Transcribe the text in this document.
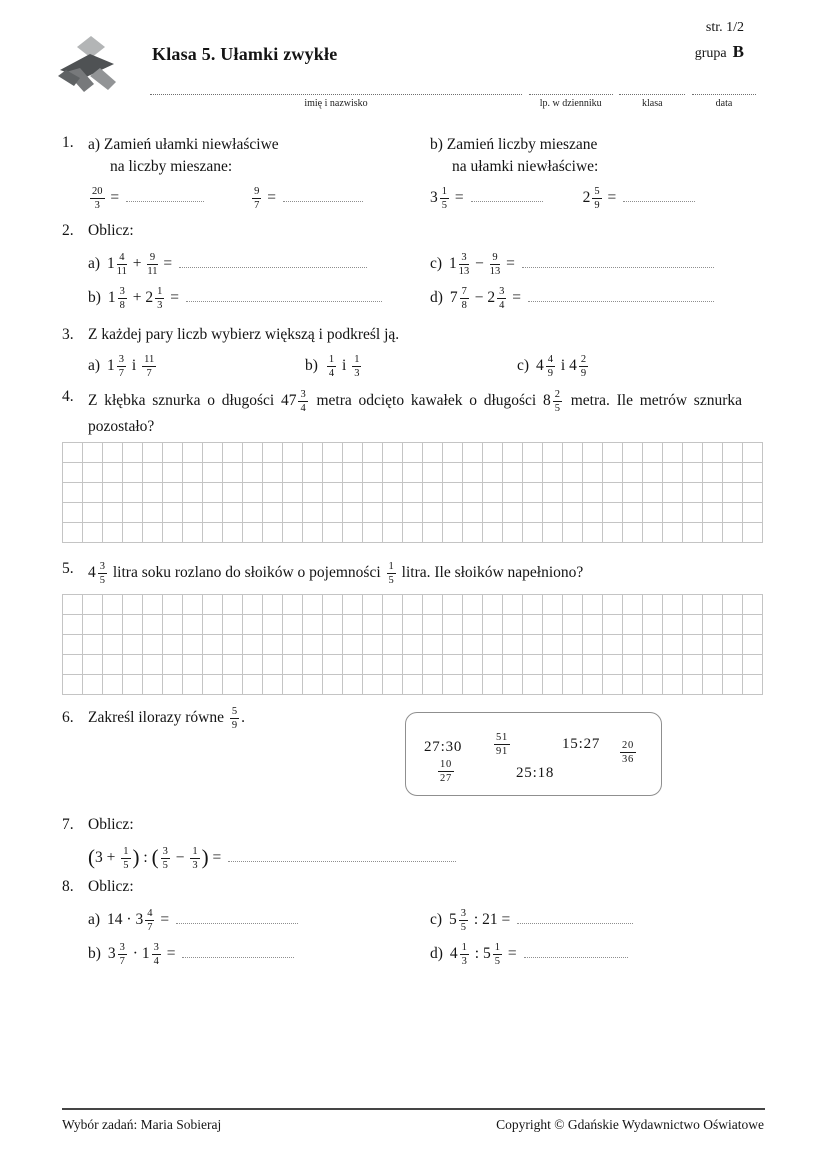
Klasa 5. Ułamki zwykłe
str. 1/2
grupa B
imię i nazwisko	lp. w dzienniku	klasa	data
1. a) Zamień ułamki niewłaściwe
na liczby mieszane:
$\frac{20}{3}$ =	$\frac{9}{7}$ =
b) Zamień liczby mieszane
na ułamki niewłaściwe:
$3 \frac{1}{5}$ =	$2 \frac{5}{9}$ =
2. Oblicz:
a) $1 \frac{4}{11} + \frac{9}{11}$ =	c) $1 \frac{3}{13} - \frac{9}{13}$ =
b) $1 \frac{3}{8} + 2 \frac{1}{3}$ =	d) $7 \frac{7}{8} - 2 \frac{3}{4}$ =
3. Z każdej pary liczb wybierz większą i podkreśl ją.
a) $1 \frac{3}{7}$ i $\frac{11}{7}$	$b) \frac{1}{4}$ i $\frac{1}{3}$	c) $4 \frac{4}{9}$ i $4 \frac{2}{9}$
4. Z kłębka sznurka o długości $47 \frac{3}{4}$ metra odcięto kawałek o długości $8 \frac{2}{5}$ metra. Ile metrów sznurka pozostało?
5. $4 \frac{3}{5}$ litra soku rozlano do słoików o pojemności $\frac{1}{5}$ litra. Ile słoików napełniono?
6. Zakreśl ilorazy równe $\frac{5}{9}$ .
27:30	$\frac{51}{91}$	15:27 $\frac{20}{36}$
$\frac{10}{27}$	25:18
7. Oblicz:
($3 + \frac{1}{5}$ ) : ( $\frac{3}{5} - \frac{1}{3}$ ) =
8. Oblicz:
a) $14 \cdot 3 \frac{4}{7}$ =	c) $5 \frac{3}{5}$ : 21 =
b) $3 \frac{3}{7} \cdot 1 \frac{3}{4}$ =	d) $4 \frac{1}{3}$ : $5 \frac{1}{5}$ =
Wybór zadań: Maria Sobieraj	Copyright © Gdańskie Wydawnictwo Oświatowe
